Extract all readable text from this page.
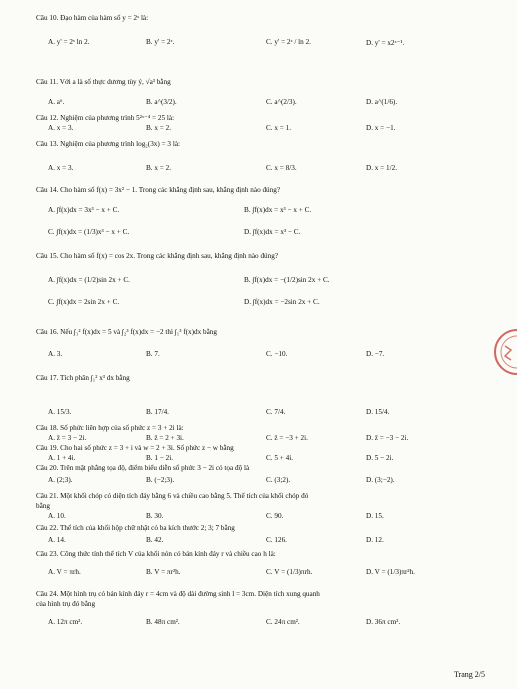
Câu 10. Đạo hàm của hàm số y = 2ˣ là:
A. y' = 2ˣ ln 2.	B. y' = 2ˣ.	C. y' = 2ˣ / ln 2.	D. y' = x2ˣ⁻¹.
Câu 11. Với a là số thực dương tùy ý, √a³ bằng
A. a⁶.	B. a^(3/2).	C. a^(2/3).	D. a^(1/6).
Câu 12. Nghiệm của phương trình 5²ˣ⁻⁴ = 25 là:
A. x = 3.	B. x = 2.	C. x = 1.	D. x = −1.
Câu 13. Nghiệm của phương trình log₂(3x) = 3 là:
A. x = 3.	B. x = 2.	C. x = 8/3.	D. x = 1/2.
Câu 14. Cho hàm số f(x) = 3x² − 1. Trong các khẳng định sau, khẳng định nào đúng?
A. ∫f(x)dx = 3x³ − x + C.	B. ∫f(x)dx = x³ − x + C.
C. ∫f(x)dx = (1/3)x³ − x + C.	D. ∫f(x)dx = x³ − C.
Câu 15. Cho hàm số f(x) = cos 2x. Trong các khẳng định sau, khẳng định nào đúng?
A. ∫f(x)dx = (1/2)sin 2x + C.	B. ∫f(x)dx = −(1/2)sin 2x + C.
C. ∫f(x)dx = 2sin 2x + C.	D. ∫f(x)dx = −2sin 2x + C.
Câu 16. Nếu ∫₁² f(x)dx = 5 và ∫₂³ f(x)dx = −2 thì ∫₁³ f(x)dx bằng
A. 3.	B. 7.	C. −10.	D. −7.
Câu 17. Tích phân ∫₁² x³ dx bằng
A. 15/3.	B. 17/4.	C. 7/4.	D. 15/4.
Câu 18. Số phức liên hợp của số phức z = 3 + 2i là:
A. z̄ = 3 − 2i.	B. z̄ = 2 + 3i.	C. z̄ = −3 + 2i.	D. z̄ = −3 − 2i.
Câu 19. Cho hai số phức z = 3 + i và w = 2 + 3i. Số phức z − w bằng
A. 1 + 4i.	B. 1 − 2i.	C. 5 + 4i.	D. 5 − 2i.
Câu 20. Trên mặt phẳng tọa độ, điểm biểu diễn số phức 3 − 2i có tọa độ là
A. (2;3).	B. (−2;3).	C. (3;2).	D. (3;−2).
Câu 21. Một khối chóp có diện tích đáy bằng 6 và chiều cao bằng 5. Thể tích của khối chóp đó
bằng
A. 10.	B. 30.	C. 90.	D. 15.
Câu 22. Thể tích của khối hộp chữ nhật có ba kích thước 2; 3; 7 bằng
A. 14.	B. 42.	C. 126.	D. 12.
Câu 23. Công thức tính thể tích V của khối nón có bán kính đáy r và chiều cao h là:
A. V = πrh.	B. V = πr²h.	C. V = (1/3)πrh.	D. V = (1/3)πr²h.
Câu 24. Một hình trụ có bán kính đáy r = 4cm và độ dài đường sinh l = 3cm. Diện tích xung quanh
của hình trụ đó bằng
A. 12π cm².	B. 48π cm².	C. 24π cm².	D. 36π cm².
Trang 2/5
